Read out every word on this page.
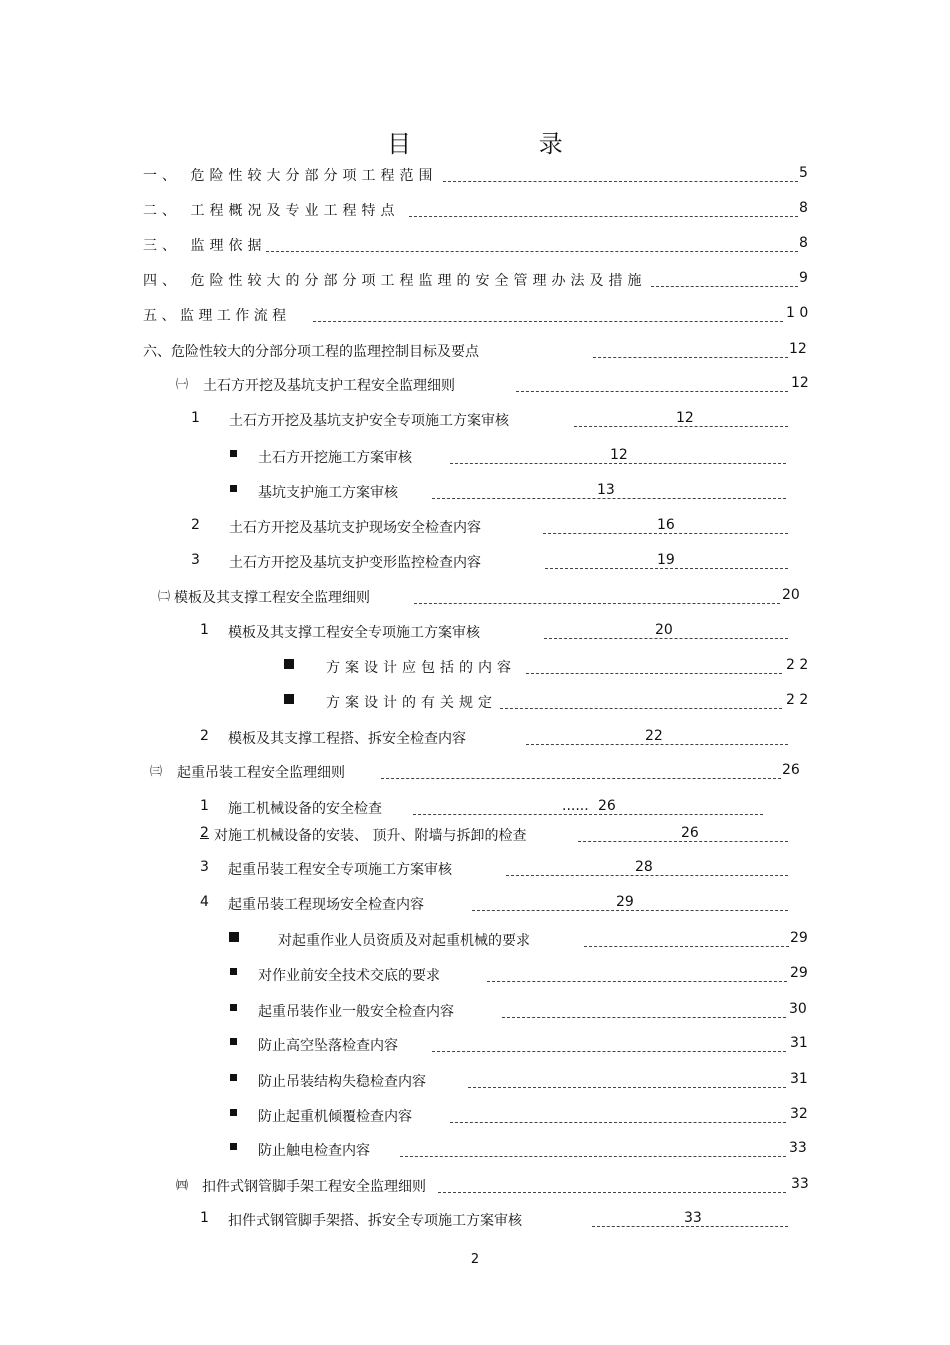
目 录
一、 危险性较大分部分项工程范围	5
二、 工程概况及专业工程特点	8
三、 监理依据	8
四、 危险性较大的分部分项工程监理的安全管理办法及措施	9
五 、 监 理 工 作 流 程	1 0
六、危险性较大的分部分项工程的监理控制目标及要点	12
㈠ 土石方开挖及基坑支护工程安全监理细则	12
1 土石方开挖及基坑支护安全专项施工方案审核	12
土石方开挖施工方案审核	12
基坑支护施工方案审核	13
2 土石方开挖及基坑支护现场安全检查内容	16
3 土石方开挖及基坑支护变形监控检查内容	19
㈡ 模板及其支撑工程安全监理细则	20
1 模板及其支撑工程安全专项施工方案审核	20
方案设计应包括的内容	2 2
方案设计的有关规定	2 2
2 模板及其支撑工程搭、拆安全检查内容	22
㈢ 起重吊装工程安全监理细则	26
1 施工机械设备的安全检查	...... 26
2 对施工机械设备的安装、 顶升、附墙与拆卸的检查	26
3 起重吊装工程安全专项施工方案审核	28
4 起重吊装工程现场安全检查内容	29
对起重作业人员资质及对起重机械的要求	29
对作业前安全技术交底的要求	29
起重吊装作业一般安全检查内容	30
防止高空坠落检查内容	31
防止吊装结构失稳检查内容	31
防止起重机倾覆检查内容	32
防止触电检查内容	33
㈣ 扣件式钢管脚手架工程安全监理细则	33
1 扣件式钢管脚手架搭、拆安全专项施工方案审核	33
2
